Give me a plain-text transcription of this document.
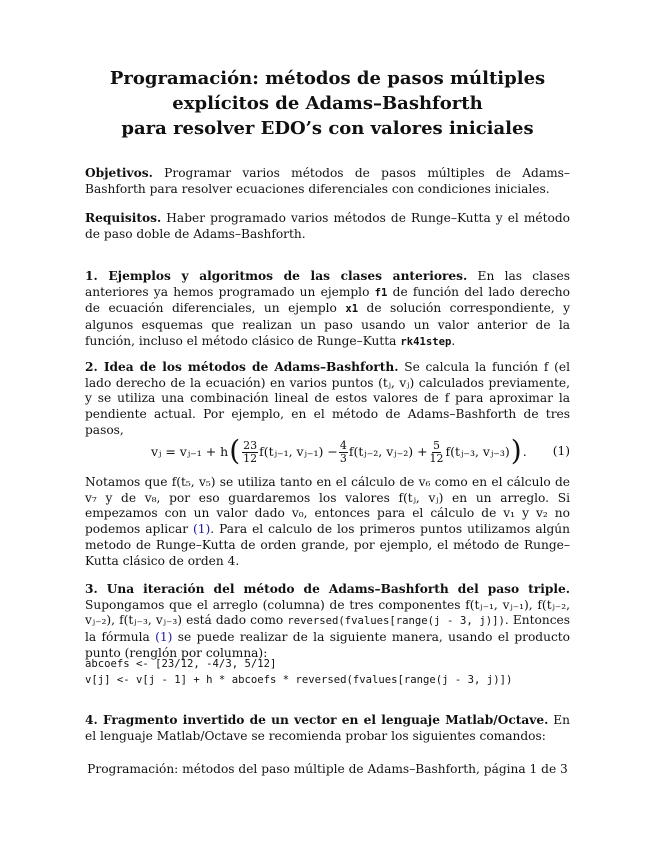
Programación: métodos de pasos múltiples
explícitos de Adams–Bashforth
para resolver EDO’s con valores iniciales
Objetivos. Programar varios métodos de pasos múltiples de Adams–Bashforth para resolver ecuaciones diferenciales con condiciones iniciales.
Requisitos. Haber programado varios métodos de Runge–Kutta y el método de paso doble de Adams–Bashforth.
1. Ejemplos y algoritmos de las clases anteriores. En las clases anteriores ya hemos programado un ejemplo f1 de función del lado derecho de ecuación diferenciales, un ejemplo x1 de solución correspondiente, y algunos esquemas que realizan un paso usando un valor anterior de la función, incluso el método clásico de Runge–Kutta rk41step.
2. Idea de los métodos de Adams–Bashforth. Se calcula la función f (el lado derecho de la ecuación) en varios puntos (tⱼ, vⱼ) calculados previamente, y se utiliza una combinación lineal de estos valores de f para aproximar la pendiente actual. Por ejemplo, en el método de Adams–Bashforth de tres pasos,
vⱼ = vⱼ₋₁ + h ( $\frac{23}{12}$ f(tⱼ₋₁, vⱼ₋₁) − $\frac{4}{3}$ f(tⱼ₋₂, vⱼ₋₂) + $\frac{5}{12}$ f(tⱼ₋₃, vⱼ₋₃) ) . (1)
Notamos que f(t₅, v₅) se utiliza tanto en el cálculo de v₆ como en el cálculo de v₇ y de v₈, por eso guardaremos los valores f(tⱼ, vⱼ) en un arreglo. Si empezamos con un valor dado v₀, entonces para el cálculo de v₁ y v₂ no podemos aplicar (1). Para el calculo de los primeros puntos utilizamos algún metodo de Runge–Kutta de orden grande, por ejemplo, el método de Runge–Kutta clásico de orden 4.
3. Una iteración del método de Adams–Bashforth del paso triple. Supongamos que el arreglo (columna) de tres componentes f(tⱼ₋₁, vⱼ₋₁), f(tⱼ₋₂, vⱼ₋₂), f(tⱼ₋₃, vⱼ₋₃) está dado como reversed(fvalues[range(j - 3, j)]). Entonces la fórmula (1) se puede realizar de la siguiente manera, usando el producto punto (renglón por columna):
abcoefs <- [23/12, -4/3, 5/12]
v[j] <- v[j - 1] + h * abcoefs * reversed(fvalues[range(j - 3, j)])
4. Fragmento invertido de un vector en el lenguaje Matlab/Octave. En el lenguaje Matlab/Octave se recomienda probar los siguientes comandos:
Programación: métodos del paso múltiple de Adams–Bashforth, página 1 de 3
